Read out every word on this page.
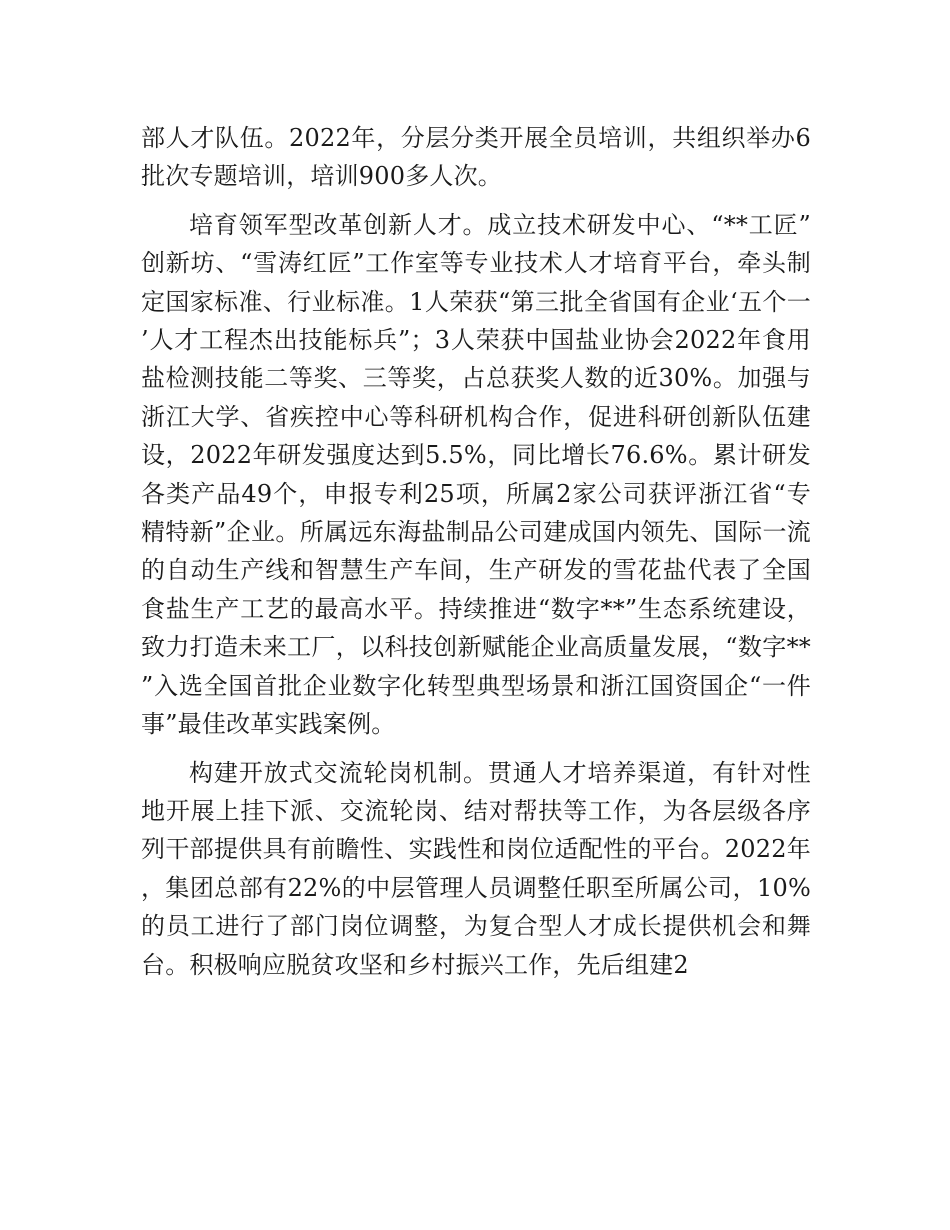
部人才队伍。2022年，分层分类开展全员培训，共组织举办6批次专题培训，培训900多人次。

培育领军型改革创新人才。成立技术研发中心、“**工匠”创新坊、“雪涛红匠”工作室等专业技术人才培育平台，牵头制定国家标准、行业标准。1人荣获“第三批全省国有企业‘五个一’人才工程杰出技能标兵”；3人荣获中国盐业协会2022年食用盐检测技能二等奖、三等奖，占总获奖人数的近30%。加强与浙江大学、省疾控中心等科研机构合作，促进科研创新队伍建设，2022年研发强度达到5.5%，同比增长76.6%。累计研发各类产品49个，申报专利25项，所属2家公司获评浙江省“专精特新”企业。所属远东海盐制品公司建成国内领先、国际一流的自动生产线和智慧生产车间，生产研发的雪花盐代表了全国食盐生产工艺的最高水平。持续推进“数字**”生态系统建设，致力打造未来工厂，以科技创新赋能企业高质量发展，“数字**”入选全国首批企业数字化转型典型场景和浙江国资国企“一件事”最佳改革实践案例。

构建开放式交流轮岗机制。贯通人才培养渠道，有针对性地开展上挂下派、交流轮岗、结对帮扶等工作，为各层级各序列干部提供具有前瞻性、实践性和岗位适配性的平台。2022年，集团总部有22%的中层管理人员调整任职至所属公司，10%的员工进行了部门岗位调整，为复合型人才成长提供机会和舞台。积极响应脱贫攻坚和乡村振兴工作，先后组建2
